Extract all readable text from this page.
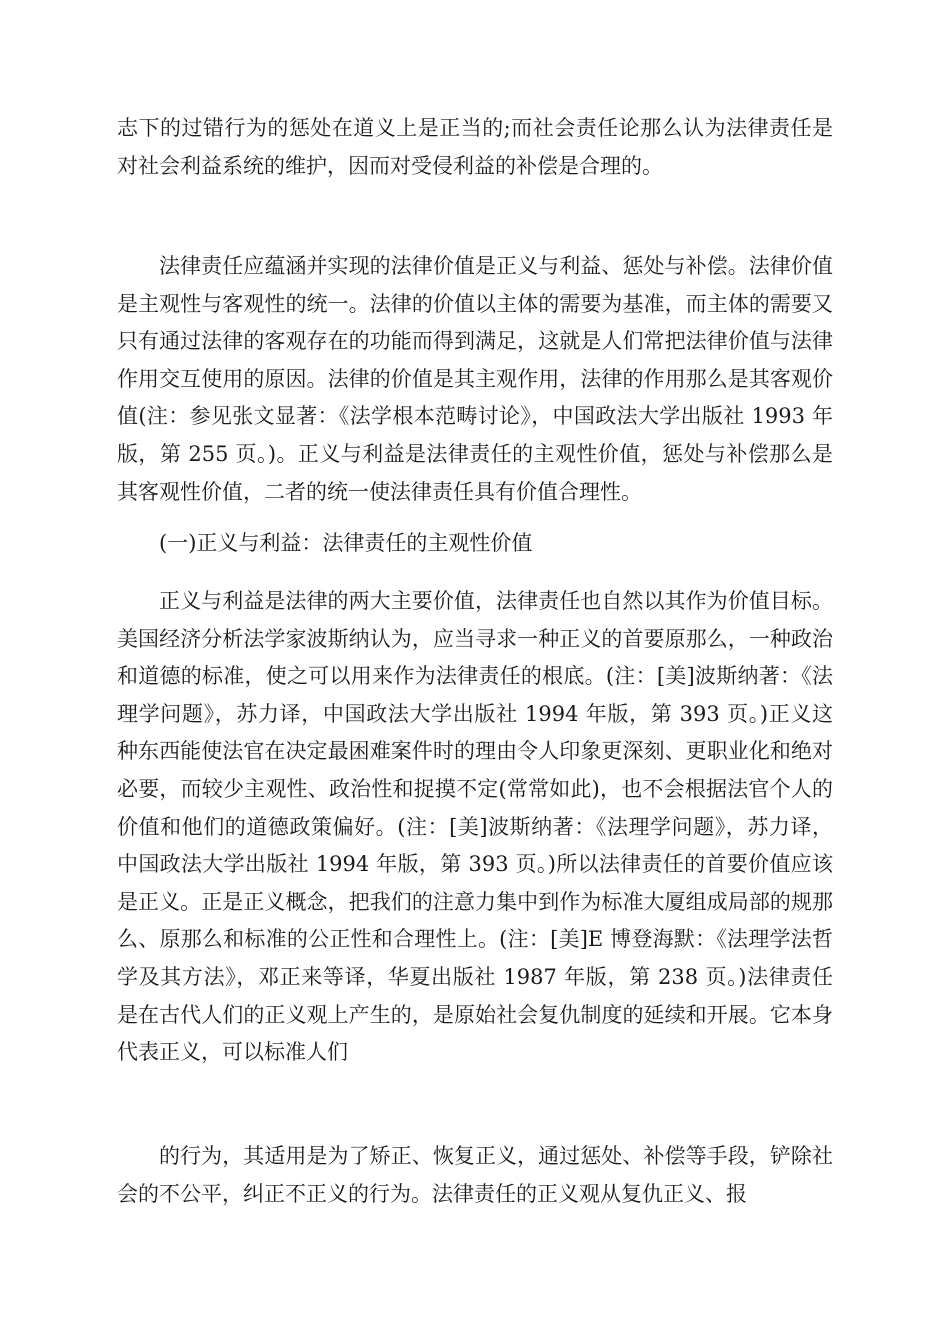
志下的过错行为的惩处在道义上是正当的;而社会责任论那么认为法律责任是对社会利益系统的维护，因而对受侵利益的补偿是合理的。

法律责任应蕴涵并实现的法律价值是正义与利益、惩处与补偿。法律价值是主观性与客观性的统一。法律的价值以主体的需要为基准，而主体的需要又只有通过法律的客观存在的功能而得到满足，这就是人们常把法律价值与法律作用交互使用的原因。法律的价值是其主观作用，法律的作用那么是其客观价值(注：参见张文显著：《法学根本范畴讨论》，中国政法大学出版社 1993 年版，第 255 页。)。正义与利益是法律责任的主观性价值，惩处与补偿那么是其客观性价值，二者的统一使法律责任具有价值合理性。

(一)正义与利益：法律责任的主观性价值

正义与利益是法律的两大主要价值，法律责任也自然以其作为价值目标。美国经济分析法学家波斯纳认为，应当寻求一种正义的首要原那么，一种政治和道德的标准，使之可以用来作为法律责任的根底。(注：[美]波斯纳著：《法理学问题》，苏力译，中国政法大学出版社 1994 年版，第 393 页。)正义这种东西能使法官在决定最困难案件时的理由令人印象更深刻、更职业化和绝对必要，而较少主观性、政治性和捉摸不定(常常如此)，也不会根据法官个人的价值和他们的道德政策偏好。(注：[美]波斯纳著：《法理学问题》，苏力译，中国政法大学出版社 1994 年版，第 393 页。)所以法律责任的首要价值应该是正义。正是正义概念，把我们的注意力集中到作为标准大厦组成局部的规那么、原那么和标准的公正性和合理性上。(注：[美]E 博登海默：《法理学法哲学及其方法》，邓正来等译，华夏出版社 1987 年版，第 238 页。)法律责任是在古代人们的正义观上产生的，是原始社会复仇制度的延续和开展。它本身代表正义，可以标准人们

的行为，其适用是为了矫正、恢复正义，通过惩处、补偿等手段，铲除社会的不公平，纠正不正义的行为。法律责任的正义观从复仇正义、报
